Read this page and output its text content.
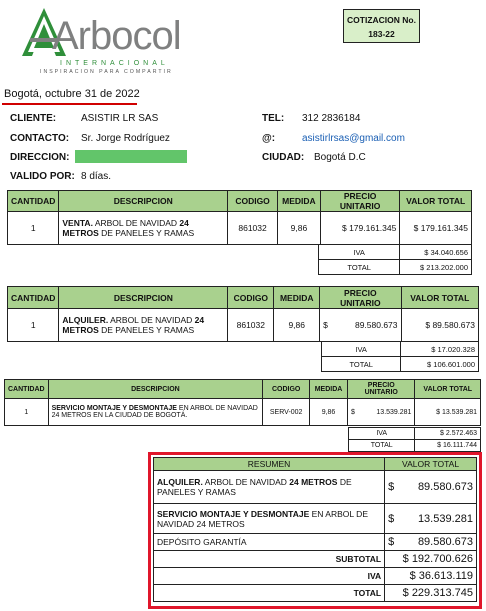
Arbocol
INTERNACIONAL
INSPIRACION PARA COMPARTIR
COTIZACION No.
183-22
Bogotá, octubre 31 de 2022
CLIENTE: ASISTIR LR SAS
CONTACTO: Sr. Jorge Rodríguez
DIRECCION:
VALIDO POR: 8 días.
TEL: 312 2836184
@:	asistirlrsas@gmail.com
CIUDAD: Bogotá D.C
CANTIDAD	DESCRIPCION	CODIGO	MEDIDA	PRECIO UNITARIO	VALOR TOTAL
1	VENTA. ARBOL DE NAVIDAD 24 METROS DE PANELES Y RAMAS	861032	9,86	$ 179.161.345	$ 179.161.345
IVA	$ 34.040.656
TOTAL	$ 213.202.000
CANTIDAD	DESCRIPCION	CODIGO	MEDIDA	PRECIO UNITARIO	VALOR TOTAL
1	ALQUILER. ARBOL DE NAVIDAD 24 METROS DE PANELES Y RAMAS	861032	9,86	$ 89.580.673	$ 89.580.673
IVA	$ 17.020.328
TOTAL	$ 106.601.000
CANTIDAD	DESCRIPCION	CODIGO	MEDIDA	PRECIO UNITARIO	VALOR TOTAL
1	SERVICIO MONTAJE Y DESMONTAJE EN ARBOL DE NAVIDAD 24 METROS EN LA CIUDAD DE BOGOTÁ.	SERV-002	9,86	$ 13.539.281	$ 13.539.281
IVA	$ 2.572.463
TOTAL	$ 16.111.744
RESUMEN	VALOR TOTAL
ALQUILER. ARBOL DE NAVIDAD 24 METROS DE PANELES Y RAMAS	$ 89.580.673

SERVICIO MONTAJE Y DESMONTAJE EN ARBOL DE NAVIDAD 24 METROS	$ 13.539.281

DEPÓSITO GARANTÍA	$ 89.580.673

SUBTOTAL	$ 192.700.626
IVA	$ 36.613.119
TOTAL	$ 229.313.745
